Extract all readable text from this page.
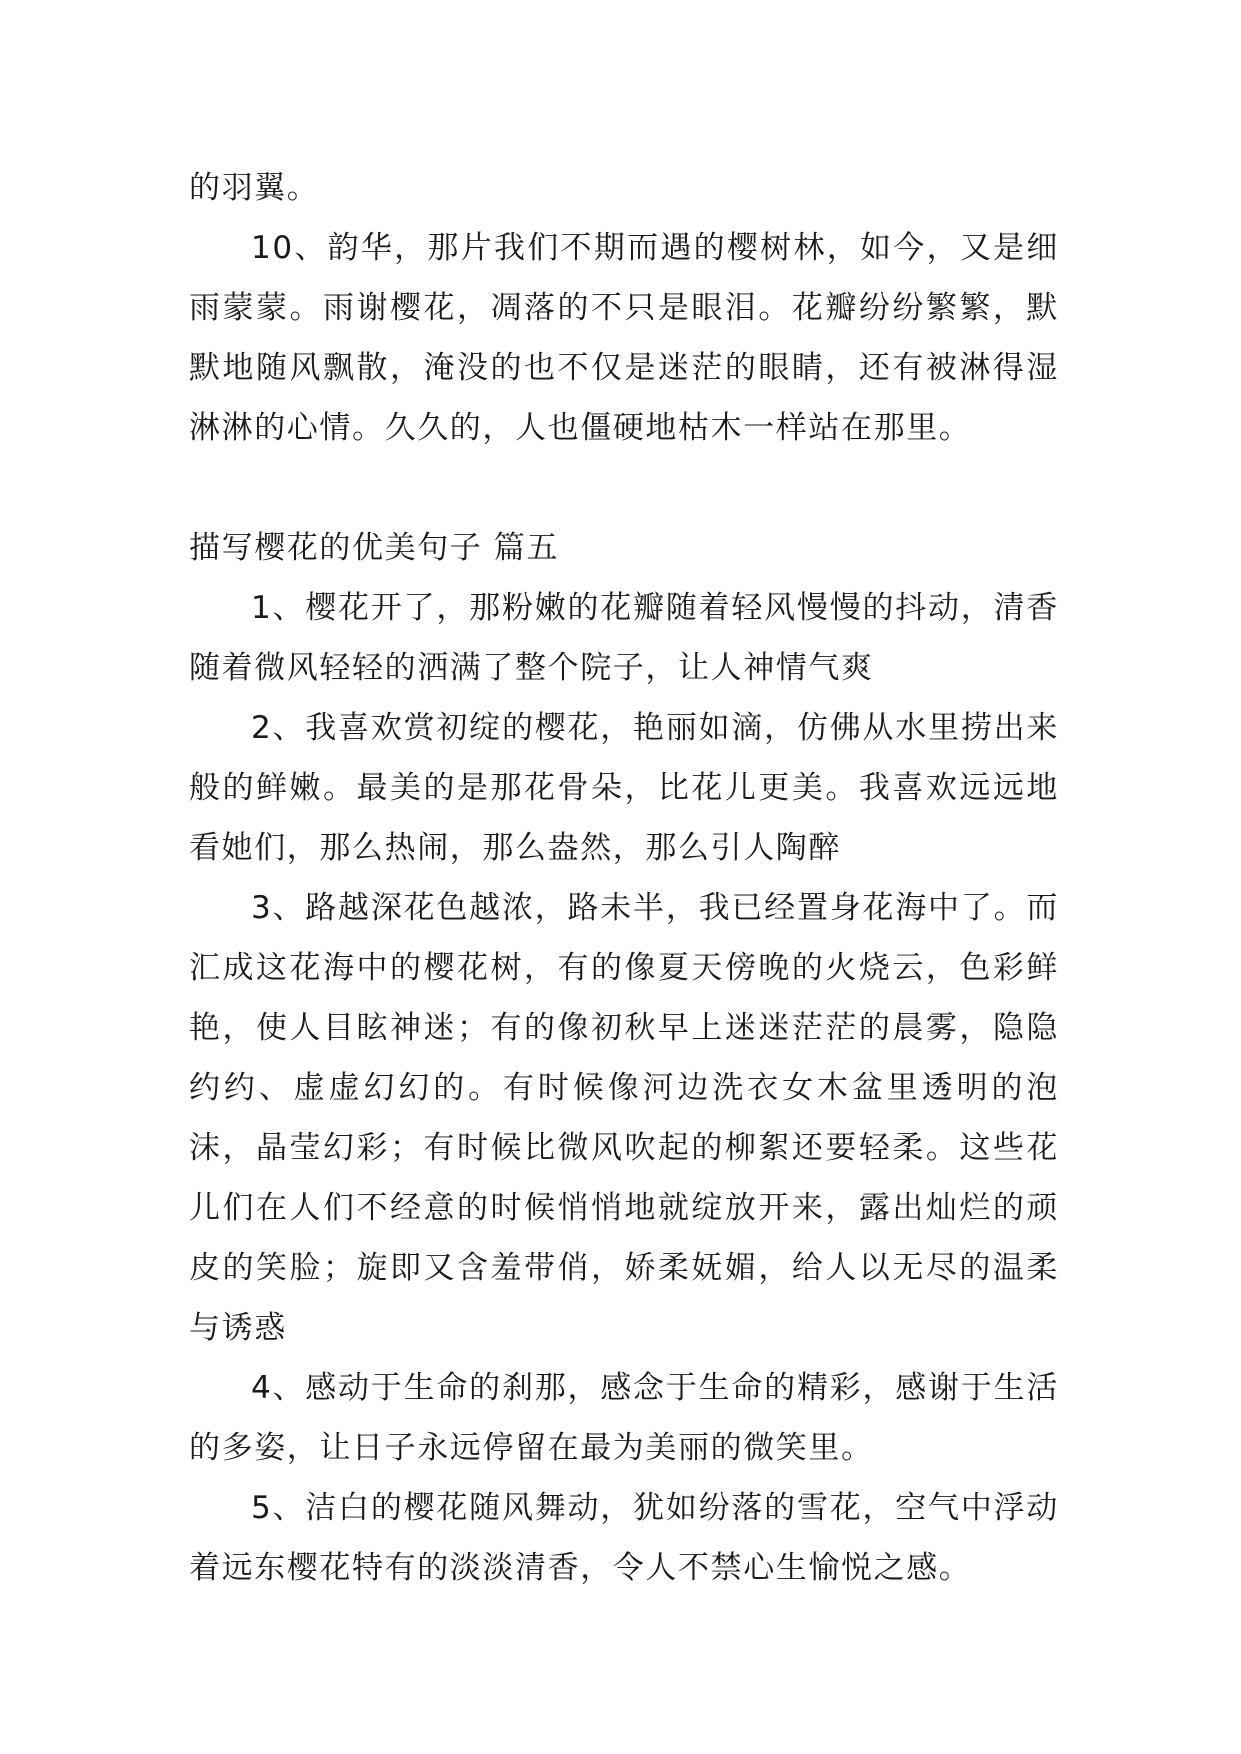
的羽翼。

10、韵华，那片我们不期而遇的樱树林，如今，又是细雨蒙蒙。雨谢樱花，凋落的不只是眼泪。花瓣纷纷繁繁，默默地随风飘散，淹没的也不仅是迷茫的眼睛，还有被淋得湿淋淋的心情。久久的，人也僵硬地枯木一样站在那里。

描写樱花的优美句子 篇五

1、樱花开了，那粉嫩的花瓣随着轻风慢慢的抖动，清香随着微风轻轻的洒满了整个院子，让人神情气爽

2、我喜欢赏初绽的樱花，艳丽如滴，仿佛从水里捞出来般的鲜嫩。最美的是那花骨朵，比花儿更美。我喜欢远远地看她们，那么热闹，那么盎然，那么引人陶醉

3、路越深花色越浓，路未半，我已经置身花海中了。而汇成这花海中的樱花树，有的像夏天傍晚的火烧云，色彩鲜艳，使人目眩神迷；有的像初秋早上迷迷茫茫的晨雾，隐隐约约、虚虚幻幻的。有时候像河边洗衣女木盆里透明的泡沫，晶莹幻彩；有时候比微风吹起的柳絮还要轻柔。这些花儿们在人们不经意的时候悄悄地就绽放开来，露出灿烂的顽皮的笑脸；旋即又含羞带俏，娇柔妩媚，给人以无尽的温柔与诱惑

4、感动于生命的刹那，感念于生命的精彩，感谢于生活的多姿，让日子永远停留在最为美丽的微笑里。

5、洁白的樱花随风舞动，犹如纷落的雪花，空气中浮动着远东樱花特有的淡淡清香，令人不禁心生愉悦之感。
